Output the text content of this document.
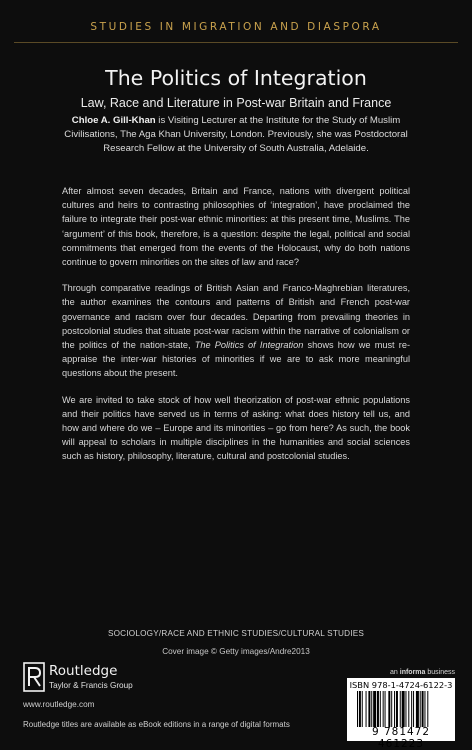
STUDIES IN MIGRATION AND DIASPORA
The Politics of Integration
Law, Race and Literature in Post-war Britain and France
Chloe A. Gill-Khan is Visiting Lecturer at the Institute for the Study of Muslim Civilisations, The Aga Khan University, London. Previously, she was Postdoctoral Research Fellow at the University of South Australia, Adelaide.

After almost seven decades, Britain and France, nations with divergent political cultures and heirs to contrasting philosophies of ‘integration’, have proclaimed the failure to integrate their post-war ethnic minorities: at this present time, Muslims. The ‘argument’ of this book, therefore, is a question: despite the legal, political and social commitments that emerged from the events of the Holocaust, why do both nations continue to govern minorities on the sites of law and race?

Through comparative readings of British Asian and Franco-Maghrebian literatures, the author examines the contours and patterns of British and French post-war governance and racism over four decades. Departing from prevailing theories in postcolonial studies that situate post-war racism within the narrative of colonialism or the politics of the nation-state, The Politics of Integration shows how we must re-appraise the inter-war histories of minorities if we are to ask more meaningful questions about the present.

We are invited to take stock of how well theorization of post-war ethnic populations and their politics have served us in terms of asking: what does history tell us, and how and where do we – Europe and its minorities – go from here? As such, the book will appeal to scholars in multiple disciplines in the humanities and social sciences such as history, philosophy, literature, cultural and postcolonial studies.

SOCIOLOGY/RACE AND ETHNIC STUDIES/CULTURAL STUDIES
Cover image © Getty images/Andre2013
Routledge
Taylor & Francis Group
www.routledge.com
Routledge titles are available as eBook editions in a range of digital formats
an informa business
ISBN 978-1-4724-6122-3
9 781472 461223
